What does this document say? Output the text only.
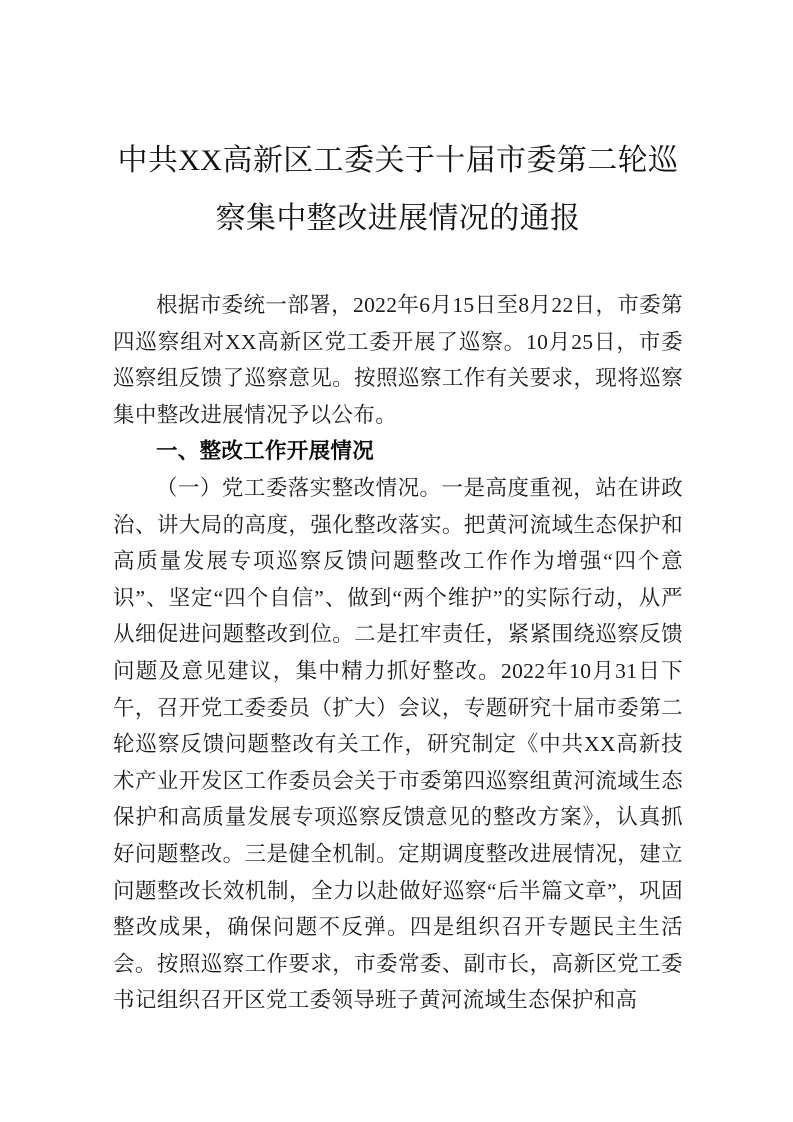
中共XX高新区工委关于十届市委第二轮巡察集中整改进展情况的通报

根据市委统一部署，2022年6月15日至8月22日，市委第四巡察组对XX高新区党工委开展了巡察。10月25日，市委巡察组反馈了巡察意见。按照巡察工作有关要求，现将巡察集中整改进展情况予以公布。

一、整改工作开展情况

（一）党工委落实整改情况。一是高度重视，站在讲政治、讲大局的高度，强化整改落实。把黄河流域生态保护和高质量发展专项巡察反馈问题整改工作作为增强“四个意识”、坚定“四个自信”、做到“两个维护”的实际行动，从严从细促进问题整改到位。二是扛牢责任，紧紧围绕巡察反馈问题及意见建议，集中精力抓好整改。2022年10月31日下午，召开党工委委员（扩大）会议，专题研究十届市委第二轮巡察反馈问题整改有关工作，研究制定《中共XX高新技术产业开发区工作委员会关于市委第四巡察组黄河流域生态保护和高质量发展专项巡察反馈意见的整改方案》，认真抓好问题整改。三是健全机制。定期调度整改进展情况，建立问题整改长效机制，全力以赴做好巡察“后半篇文章”，巩固整改成果，确保问题不反弹。四是组织召开专题民主生活会。按照巡察工作要求，市委常委、副市长，高新区党工委书记组织召开区党工委领导班子黄河流域生态保护和高
